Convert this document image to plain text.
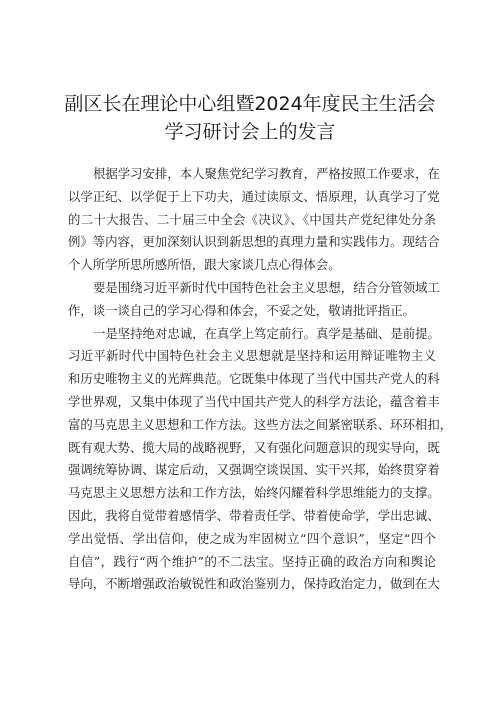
副区长在理论中心组暨2024年度民主生活会
学习研讨会上的发言
根据学习安排，本人聚焦党纪学习教育，严格按照工作要求，在
以学正纪、以学促于上下功夫，通过读原文、悟原理，认真学习了党
的二十大报告、二十届三中全会《决议》、《中国共产党纪律处分条
例》等内容，更加深刻认识到新思想的真理力量和实践伟力。现结合
个人所学所思所感所悟，跟大家谈几点心得体会。
要是围绕习近平新时代中国特色社会主义思想，结合分管领域工
作，谈一谈自己的学习心得和体会，不妥之处，敬请批评指正。
一是坚持绝对忠诚，在真学上笃定前行。真学是基础、是前提。
习近平新时代中国特色社会主义思想就是坚持和运用辩证唯物主义
和历史唯物主义的光辉典范。它既集中体现了当代中国共产党人的科
学世界观，又集中体现了当代中国共产党人的科学方法论，蕴含着丰
富的马克思主义思想和工作方法。这些方法之间紧密联系、环环相扣，
既有观大势、揽大局的战略视野，又有强化问题意识的现实导向，既
强调统筹协调、谋定后动，又强调空谈误国、实干兴邦，始终贯穿着
马克思主义思想方法和工作方法，始终闪耀着科学思维能力的支撑。
因此，我将自觉带着感情学、带着责任学、带着使命学，学出忠诚、
学出觉悟、学出信仰，使之成为牢固树立“四个意识”，坚定“四个
自信”，践行“两个维护”的不二法宝。坚持正确的政治方向和舆论
导向，不断增强政治敏锐性和政治鉴别力，保持政治定力，做到在大
